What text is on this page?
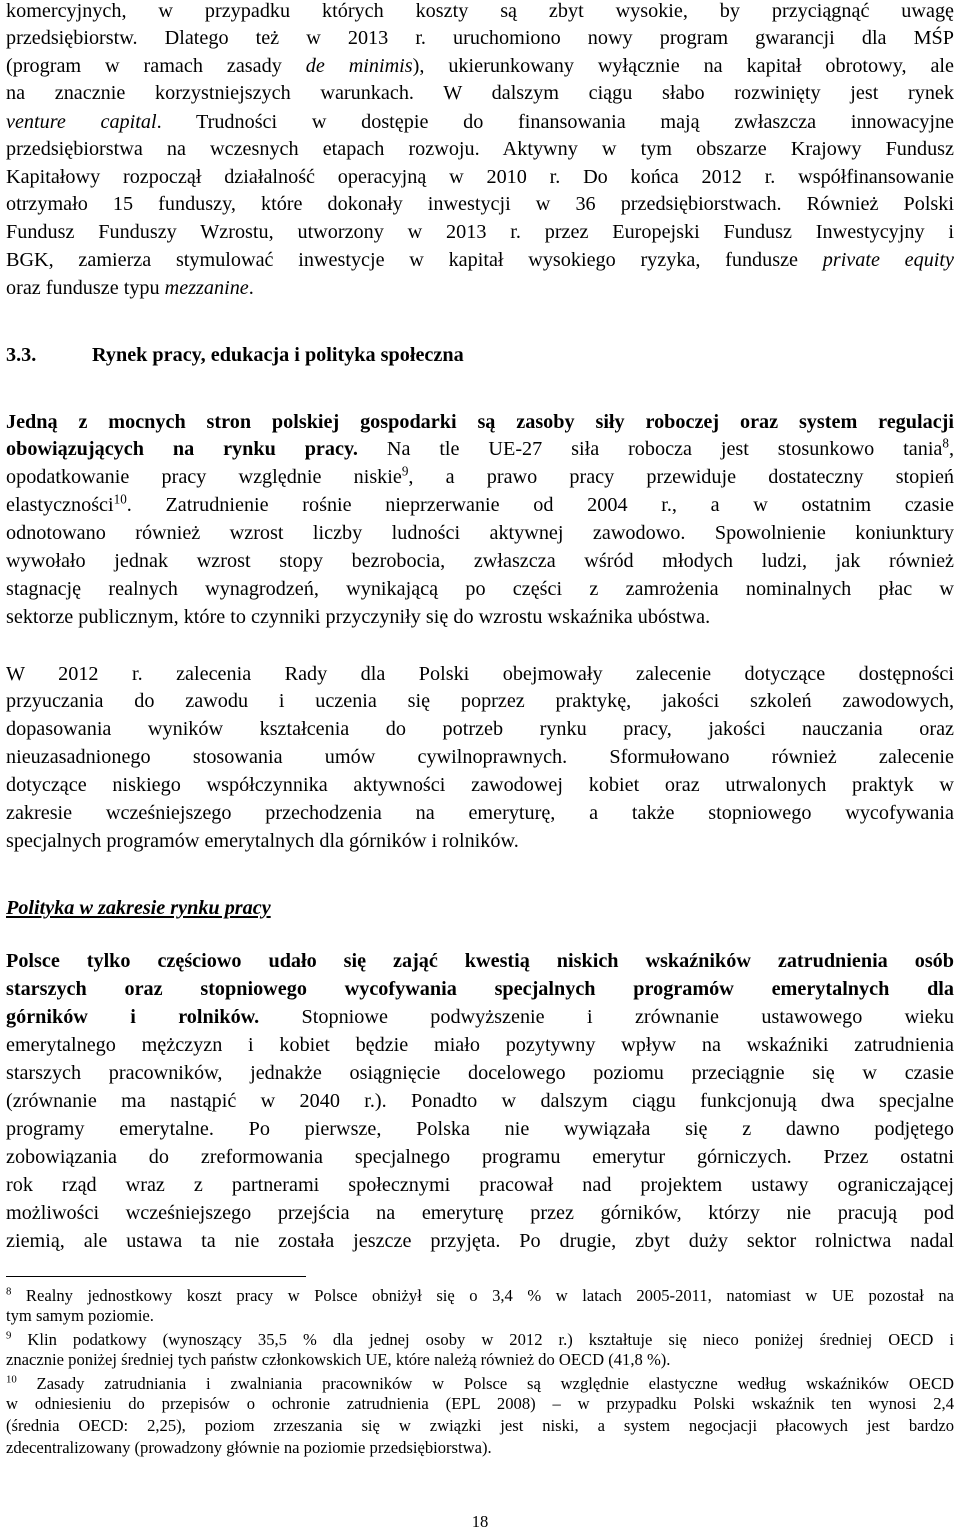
komercyjnych, w przypadku których koszty są zbyt wysokie, by przyciągnąć uwagę
przedsiębiorstw. Dlatego też w 2013 r. uruchomiono nowy program gwarancji dla MŚP
(program w ramach zasady de minimis), ukierunkowany wyłącznie na kapitał obrotowy, ale
na znacznie korzystniejszych warunkach. W dalszym ciągu słabo rozwinięty jest rynek
venture capital. Trudności w dostępie do finansowania mają zwłaszcza innowacyjne
przedsiębiorstwa na wczesnych etapach rozwoju. Aktywny w tym obszarze Krajowy Fundusz
Kapitałowy rozpoczął działalność operacyjną w 2010 r. Do końca 2012 r. współfinansowanie
otrzymało 15 funduszy, które dokonały inwestycji w 36 przedsiębiorstwach. Również Polski
Fundusz Funduszy Wzrostu, utworzony w 2013 r. przez Europejski Fundusz Inwestycyjny i
BGK, zamierza stymulować inwestycje w kapitał wysokiego ryzyka, fundusze private equity
oraz fundusze typu mezzanine.
3.3.	Rynek pracy, edukacja i polityka społeczna
Jedną z mocnych stron polskiej gospodarki są zasoby siły roboczej oraz system regulacji
obowiązujących na rynku pracy. Na tle UE-27 siła robocza jest stosunkowo tania$^8$,
opodatkowanie pracy względnie niskie$^9$, a prawo pracy przewiduje dostateczny stopień
elastyczności$^{10}$. Zatrudnienie rośnie nieprzerwanie od 2004 r., a w ostatnim czasie
odnotowano również wzrost liczby ludności aktywnej zawodowo. Spowolnienie koniunktury
wywołało jednak wzrost stopy bezrobocia, zwłaszcza wśród młodych ludzi, jak również
stagnację realnych wynagrodzeń, wynikającą po części z zamrożenia nominalnych płac w
sektorze publicznym, które to czynniki przyczyniły się do wzrostu wskaźnika ubóstwa.
W 2012 r. zalecenia Rady dla Polski obejmowały zalecenie dotyczące dostępności
przyuczania do zawodu i uczenia się poprzez praktykę, jakości szkoleń zawodowych,
dopasowania wyników kształcenia do potrzeb rynku pracy, jakości nauczania oraz
nieuzasadnionego stosowania umów cywilnoprawnych. Sformułowano również zalecenie
dotyczące niskiego współczynnika aktywności zawodowej kobiet oraz utrwalonych praktyk w
zakresie wcześniejszego przechodzenia na emeryturę, a także stopniowego wycofywania
specjalnych programów emerytalnych dla górników i rolników.
Polityka w zakresie rynku pracy
Polsce tylko częściowo udało się zająć kwestią niskich wskaźników zatrudnienia osób
starszych oraz stopniowego wycofywania specjalnych programów emerytalnych dla
górników i rolników. Stopniowe podwyższenie i zrównanie ustawowego wieku
emerytalnego mężczyzn i kobiet będzie miało pozytywny wpływ na wskaźniki zatrudnienia
starszych pracowników, jednakże osiągnięcie docelowego poziomu przeciągnie się w czasie
(zrównanie ma nastąpić w 2040 r.). Ponadto w dalszym ciągu funkcjonują dwa specjalne
programy emerytalne. Po pierwsze, Polska nie wywiązała się z dawno podjętego
zobowiązania do zreformowania specjalnego programu emerytur górniczych. Przez ostatni
rok rząd wraz z partnerami społecznymi pracował nad projektem ustawy ograniczającej
możliwości wcześniejszego przejścia na emeryturę przez górników, którzy nie pracują pod
ziemią, ale ustawa ta nie została jeszcze przyjęta. Po drugie, zbyt duży sektor rolnictwa nadal
$^8$ Realny jednostkowy koszt pracy w Polsce obniżył się o 3,4 % w latach 2005-2011, natomiast w UE pozostał na
tym samym poziomie.
$^9$ Klin podatkowy (wynoszący 35,5 % dla jednej osoby w 2012 r.) kształtuje się nieco poniżej średniej OECD i
znacznie poniżej średniej tych państw członkowskich UE, które należą również do OECD (41,8 %).
$^{10}$ Zasady zatrudniania i zwalniania pracowników w Polsce są względnie elastyczne według wskaźników OECD
w odniesieniu do przepisów o ochronie zatrudnienia (EPL 2008) – w przypadku Polski wskaźnik ten wynosi 2,4
(średnia OECD: 2,25), poziom zrzeszania się w związki jest niski, a system negocjacji płacowych jest bardzo
zdecentralizowany (prowadzony głównie na poziomie przedsiębiorstwa).
18
